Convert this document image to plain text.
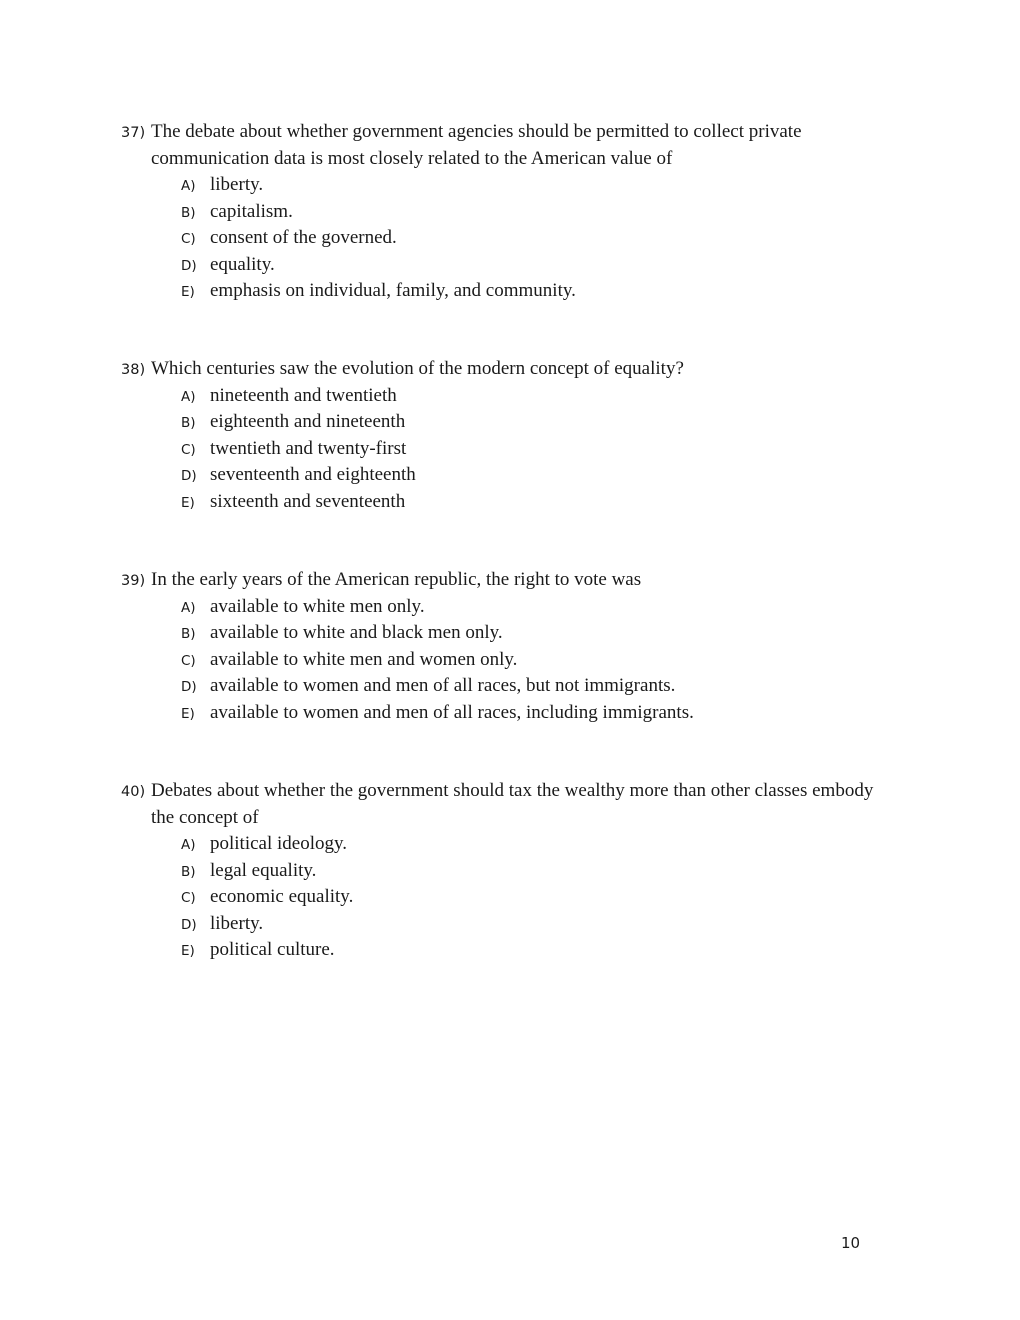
37) The debate about whether government agencies should be permitted to collect private communication data is most closely related to the American value of
A) liberty.
B) capitalism.
C) consent of the governed.
D) equality.
E) emphasis on individual, family, and community.
38) Which centuries saw the evolution of the modern concept of equality?
A) nineteenth and twentieth
B) eighteenth and nineteenth
C) twentieth and twenty-first
D) seventeenth and eighteenth
E) sixteenth and seventeenth
39) In the early years of the American republic, the right to vote was
A) available to white men only.
B) available to white and black men only.
C) available to white men and women only.
D) available to women and men of all races, but not immigrants.
E) available to women and men of all races, including immigrants.
40) Debates about whether the government should tax the wealthy more than other classes embody the concept of
A) political ideology.
B) legal equality.
C) economic equality.
D) liberty.
E) political culture.
10
